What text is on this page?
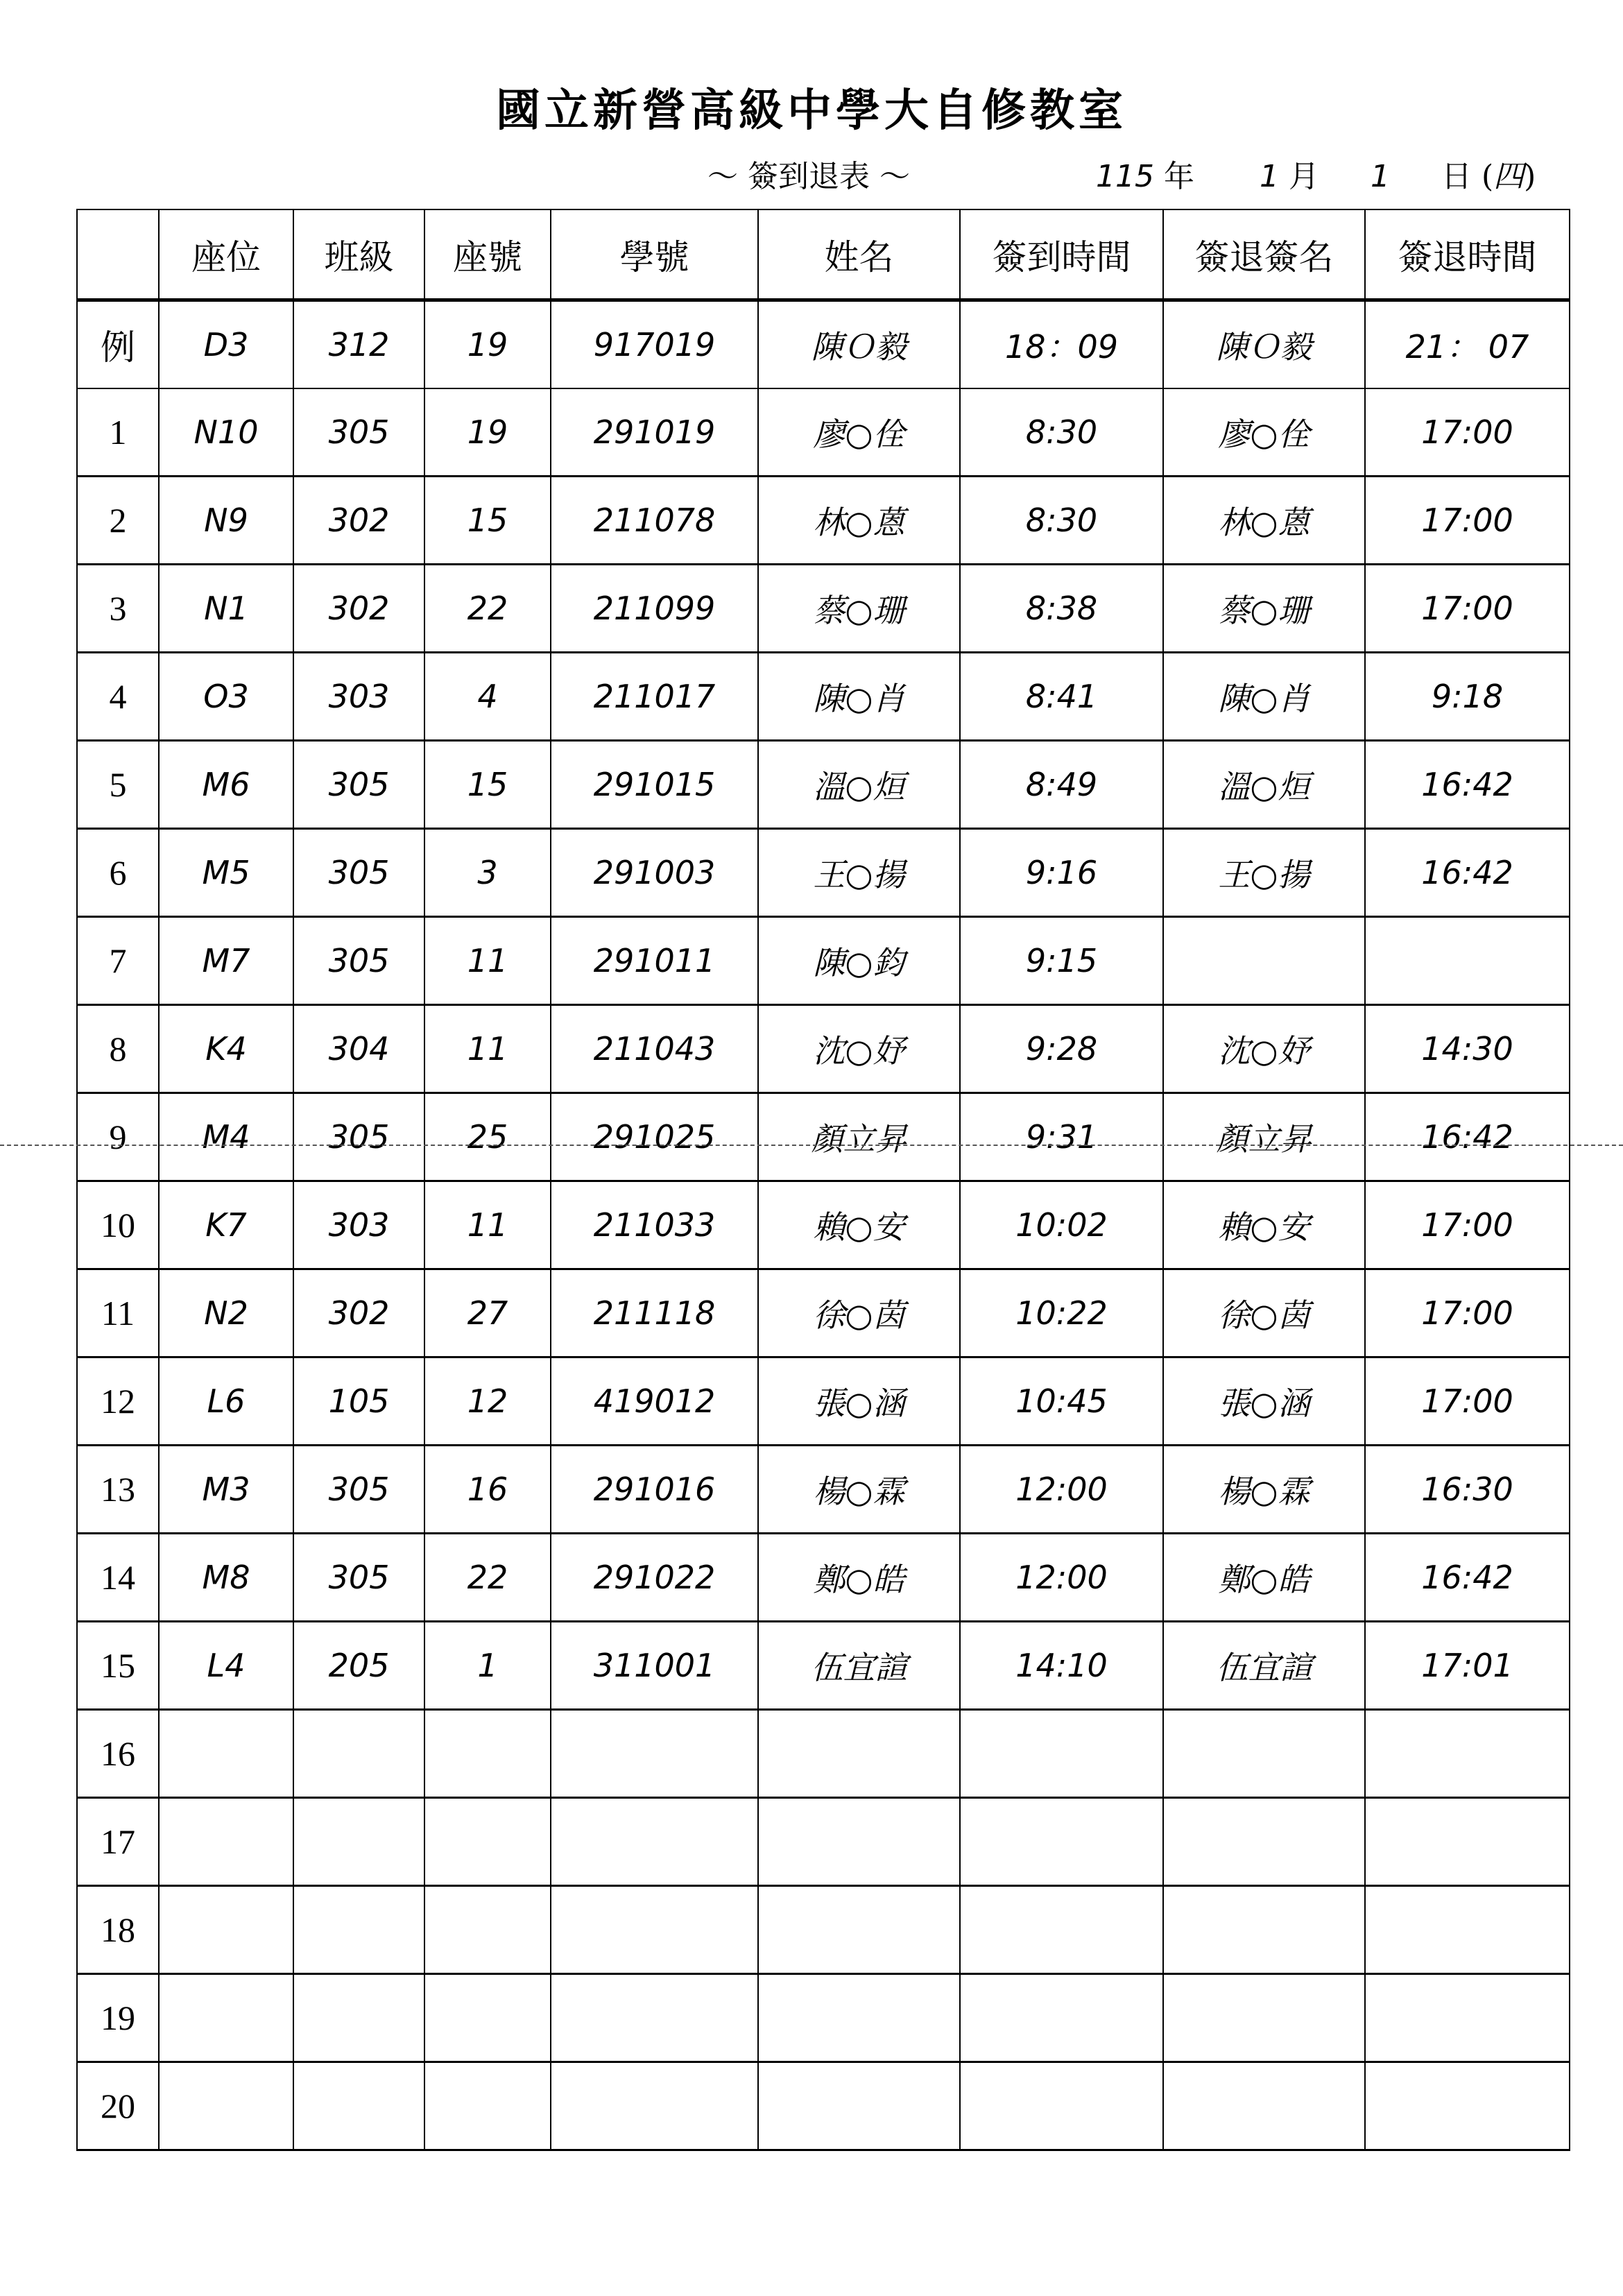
國立新營高級中學大自修教室
～ 簽到退表 ～	115 年 1 月 1 日 (四)
	座位	班級	座號	學號	姓名	簽到時間	簽退簽名	簽退時間
例	D3	312	19	917019	陳Ｏ毅	18：09	陳Ｏ毅	21： 07
1	N10	305	19	291019	廖○佺	8:30	廖○佺	17:00
2	N9	302	15	211078	林○蒽	8:30	林○蒽	17:00
3	N1	302	22	211099	蔡○珊	8:38	蔡○珊	17:00
4	O3	303	4	211017	陳○肖	8:41	陳○肖	9:18
5	M6	305	15	291015	溫○烜	8:49	溫○烜	16:42
6	M5	305	3	291003	王○揚	9:16	王○揚	16:42
7	M7	305	11	291011	陳○鈞	9:15		
8	K4	304	11	211043	沈○妤	9:28	沈○妤	14:30
9	M4	305	25	291025	顏立昇	9:31	顏立昇	16:42
10	K7	303	11	211033	賴○安	10:02	賴○安	17:00
11	N2	302	27	211118	徐○茵	10:22	徐○茵	17:00
12	L6	105	12	419012	張○涵	10:45	張○涵	17:00
13	M3	305	16	291016	楊○霖	12:00	楊○霖	16:30
14	M8	305	22	291022	鄭○皓	12:00	鄭○皓	16:42
15	L4	205	1	311001	伍宜諠	14:10	伍宜諠	17:01
16								
17								
18								
19								
20								
